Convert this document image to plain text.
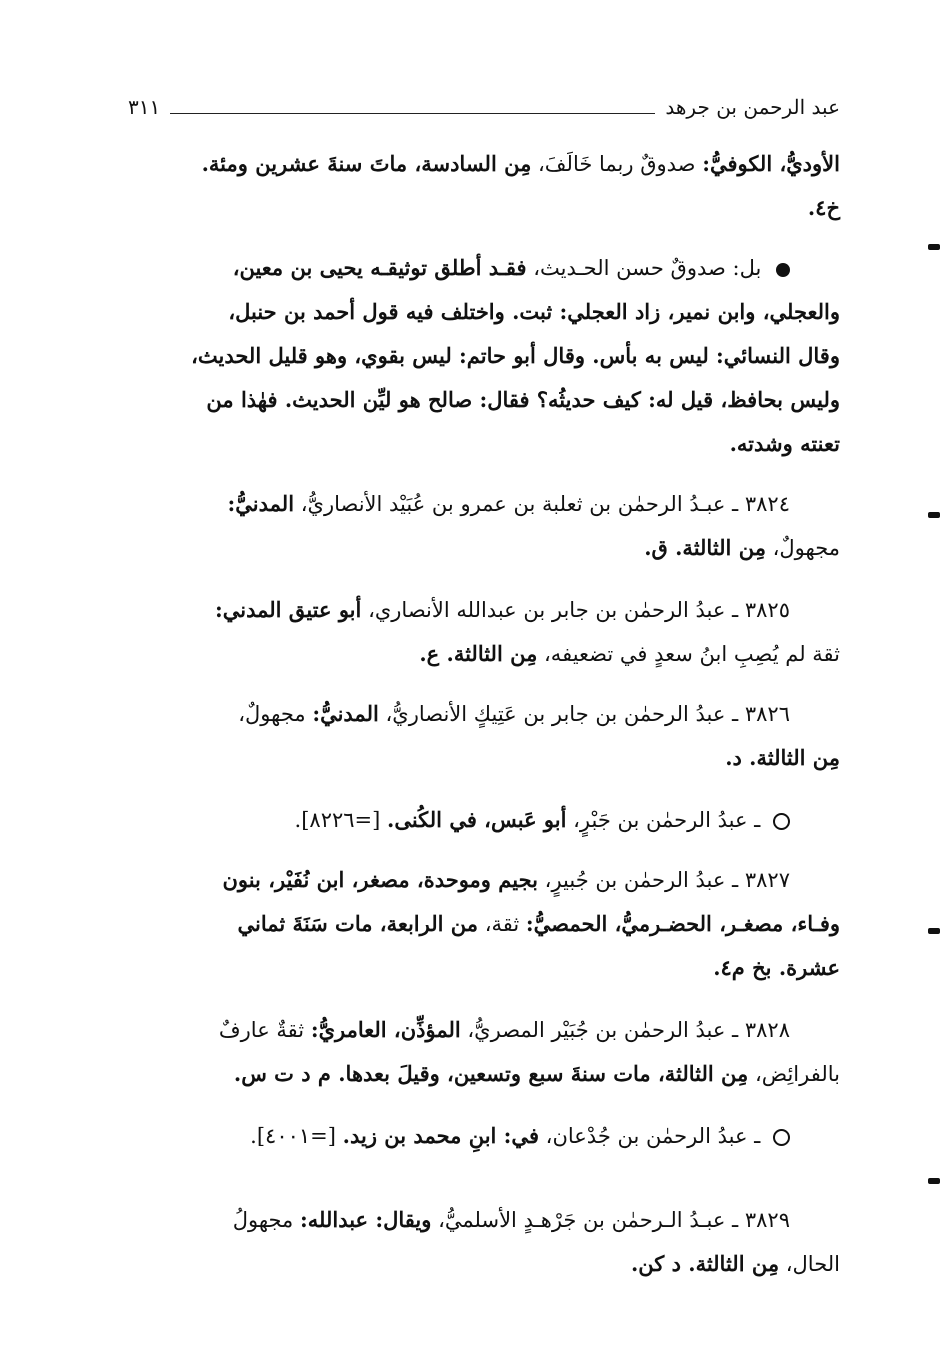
عبد الرحمن بن جرهد
٣١١
الأوديُّ، الكوفيُّ: صدوقٌ ربما خَالَفَ، مِن السادسة، ماتَ سنةَ عشرين ومئة.
خ٤.
بل: صدوقٌ حسن الحـديث، فقـد أطلق توثيقـه يحيى بن معين،
والعجلي، وابن نمير، زاد العجلي: ثبت. واختلف فيه قول أحمد بن حنبل،
وقال النسائي: ليس به بأس. وقال أبو حاتم: ليس بقوي، وهو قليل الحديث،
وليس بحافظ، قيل له: كيف حديثُه؟ فقال: صالح هو ليِّن الحديث. فهٰذا من
تعنته وشدته.
٣٨٢٤ ـ عبـدُ الرحمٰن بن ثعلبة بن عمرو بن عُبَيْد الأنصاريُّ، المدنيُّ:
مجهولٌ، مِن الثالثة. ق.
٣٨٢٥ ـ عبدُ الرحمٰن بن جابر بن عبدالله الأنصاري، أبو عتيق المدني:
ثقة لم يُصِبِ ابنُ سعدٍ في تضعيفه، مِن الثالثة. ع.
٣٨٢٦ ـ عبدُ الرحمٰن بن جابر بن عَتِيكٍ الأنصاريُّ، المدنيُّ: مجهولٌ،
مِن الثالثة. د.
ـ عبدُ الرحمٰن بن جَبْرٍ، أبو عَبس، في الكُنى. [=٨٢٢٦].
٣٨٢٧ ـ عبدُ الرحمٰن بن جُبيرٍ، بجيم وموحدة، مصغر، ابن نُفَيْر، بنون
وفـاء، مصغـر، الحضـرميُّ، الحمصيُّ: ثقة، من الرابعة، مات سَنَةَ ثماني
عشرة. بخ م٤.
٣٨٢٨ ـ عبدُ الرحمٰن بن جُبَيْر المصريُّ، المؤذِّن، العامريُّ: ثقةٌ عارفٌ
بالفرائِض، مِن الثالثة، مات سنةَ سبع وتسعين، وقيلَ بعدها. م د ت س.
ـ عبدُ الرحمٰن بن جُدْعان، في: ابنِ محمد بن زيد. [=٤٠٠١].
٣٨٢٩ ـ عبـدُ الـرحمٰن بن جَرْهـدٍ الأسلميُّ، ويقال: عبدالله: مجهولُ
الحال، مِن الثالثة. د كن.
